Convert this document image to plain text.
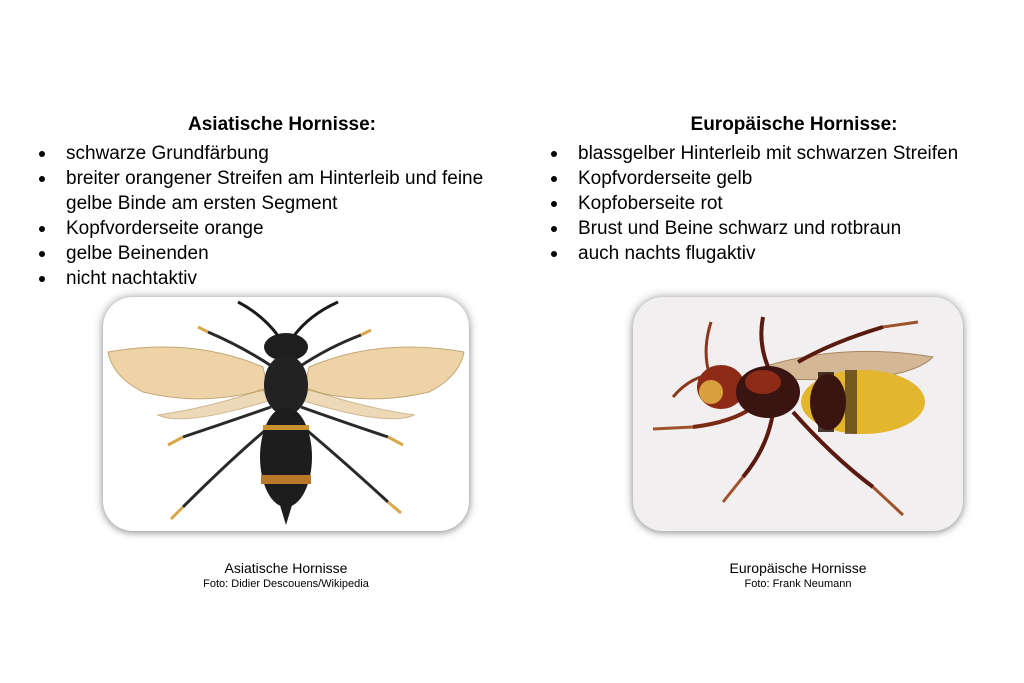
Asiatische Hornisse:
schwarze Grundfärbung
breiter orangener Streifen am Hinterleib und feine gelbe Binde am ersten Segment
Kopfvorderseite orange
gelbe Beinenden
nicht nachtaktiv
Europäische Hornisse:
blassgelber Hinterleib mit schwarzen Streifen
Kopfvorderseite gelb
Kopfoberseite rot
Brust und Beine schwarz und rotbraun
auch nachts flugaktiv
Asiatische Hornisse
Foto: Didier Descouens/Wikipedia
Europäische Hornisse
Foto: Frank Neumann
